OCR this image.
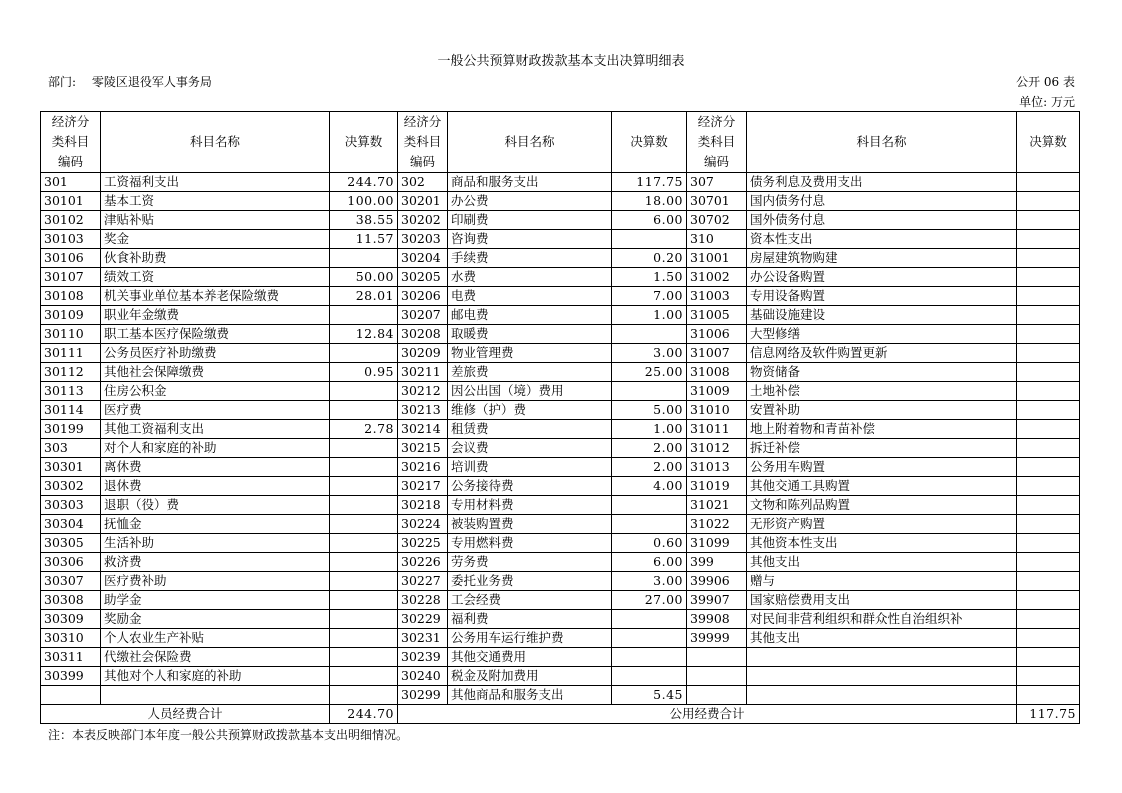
一般公共预算财政拨款基本支出决算明细表
部门: 零陵区退役军人事务局	公开 06 表
单位: 万元
经济分
类科目
编码	科目名称	决算数	经济分
类科目
编码	科目名称	决算数	经济分
类科目
编码	科目名称	决算数
301	工资福利支出	244.70	302	商品和服务支出	117.75	307	债务利息及费用支出	
30101	基本工资	100.00	30201	办公费	18.00	30701	国内债务付息	
30102	津贴补贴	38.55	30202	印刷费	6.00	30702	国外债务付息	
30103	奖金	11.57	30203	咨询费		310	资本性支出	
30106	伙食补助费		30204	手续费	0.20	31001	房屋建筑物购建	
30107	绩效工资	50.00	30205	水费	1.50	31002	办公设备购置	
30108	机关事业单位基本养老保险缴费	28.01	30206	电费	7.00	31003	专用设备购置	
30109	职业年金缴费		30207	邮电费	1.00	31005	基础设施建设	
30110	职工基本医疗保险缴费	12.84	30208	取暖费		31006	大型修缮	
30111	公务员医疗补助缴费		30209	物业管理费	3.00	31007	信息网络及软件购置更新	
30112	其他社会保障缴费	0.95	30211	差旅费	25.00	31008	物资储备	
30113	住房公积金		30212	因公出国（境）费用		31009	土地补偿	
30114	医疗费		30213	维修（护）费	5.00	31010	安置补助	
30199	其他工资福利支出	2.78	30214	租赁费	1.00	31011	地上附着物和青苗补偿	
303	对个人和家庭的补助		30215	会议费	2.00	31012	拆迁补偿	
30301	离休费		30216	培训费	2.00	31013	公务用车购置	
30302	退休费		30217	公务接待费	4.00	31019	其他交通工具购置	
30303	退职（役）费		30218	专用材料费		31021	文物和陈列品购置	
30304	抚恤金		30224	被装购置费		31022	无形资产购置	
30305	生活补助		30225	专用燃料费	0.60	31099	其他资本性支出	
30306	救济费		30226	劳务费	6.00	399	其他支出	
30307	医疗费补助		30227	委托业务费	3.00	39906	赠与	
30308	助学金		30228	工会经费	27.00	39907	国家赔偿费用支出	
30309	奖励金		30229	福利费		39908	对民间非营利组织和群众性自治组织补	
30310	个人农业生产补贴		30231	公务用车运行维护费		39999	其他支出	
30311	代缴社会保险费		30239	其他交通费用				
30399	其他对个人和家庭的补助		30240	税金及附加费用				
			30299	其他商品和服务支出	5.45			
人员经费合计		244.70	公用经费合计					117.75
注：本表反映部门本年度一般公共预算财政拨款基本支出明细情况。
